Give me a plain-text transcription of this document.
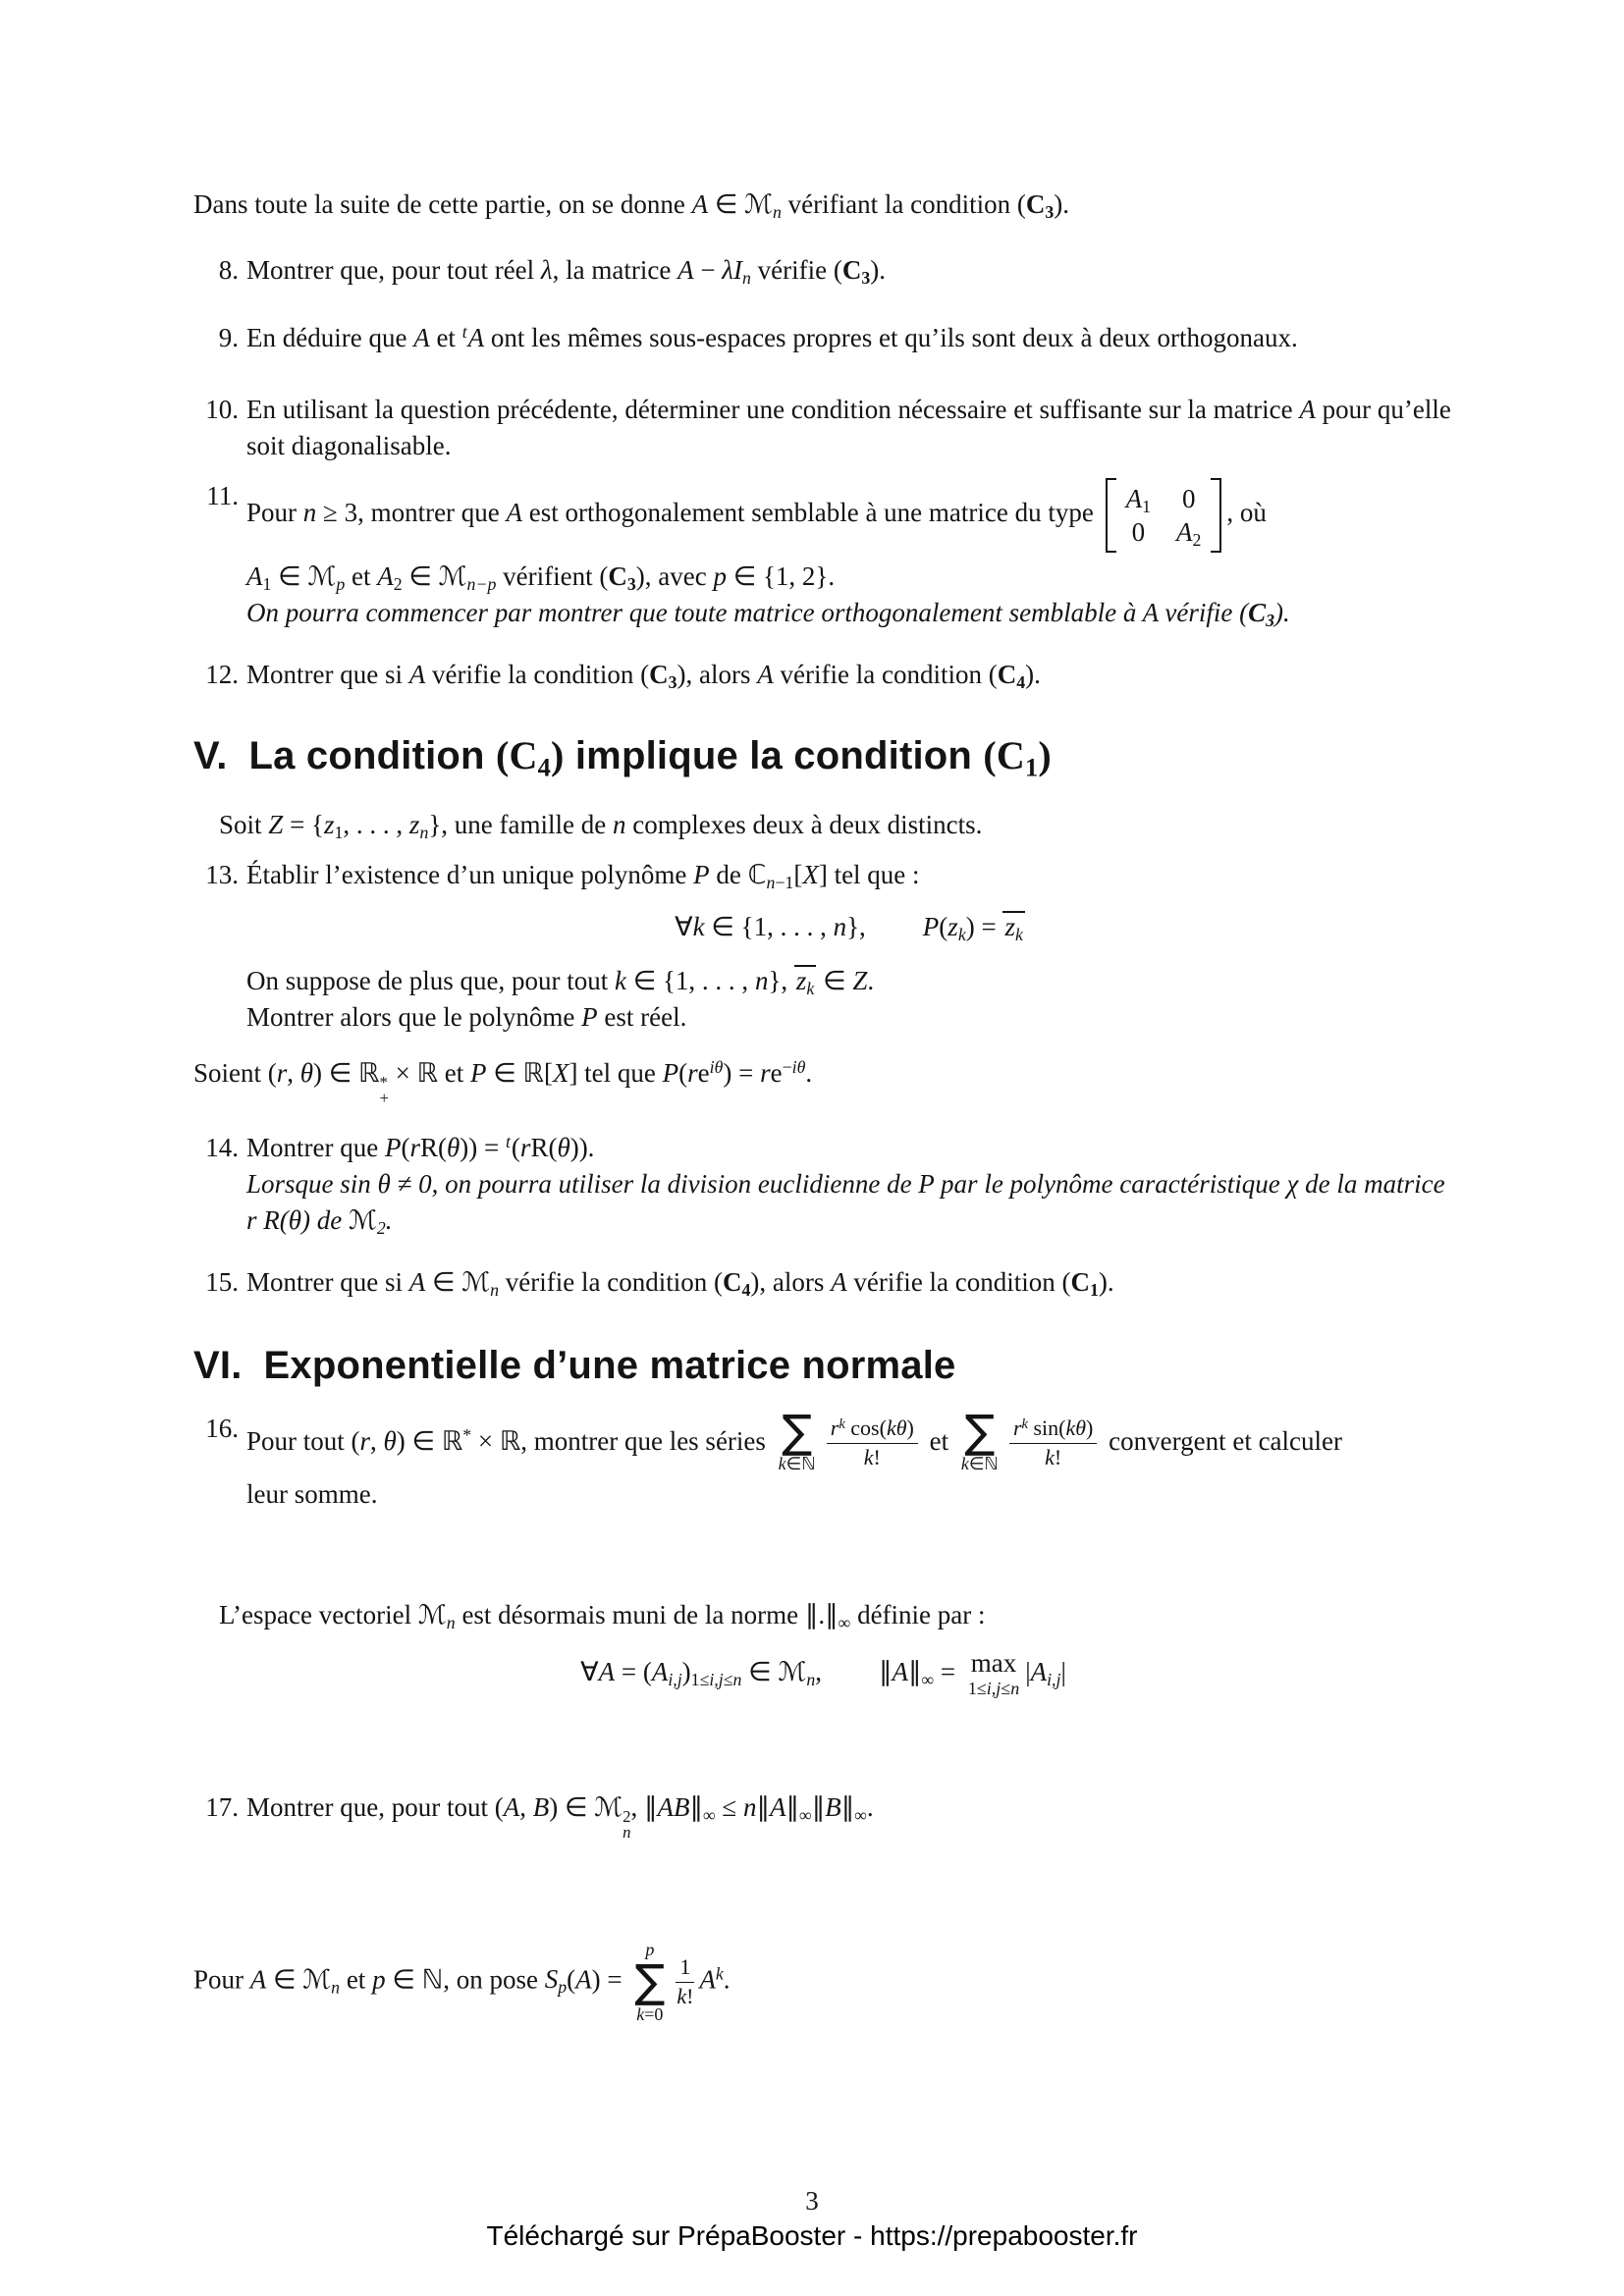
Dans toute la suite de cette partie, on se donne A ∈ ℳ$_n$ vérifiant la condition $(C_3)$.

8. Montrer que, pour tout réel λ, la matrice $A - \lambda I_n$ vérifie $(C_3)$.
9. En déduire que A et $^t$A ont les mêmes sous-espaces propres et qu’ils sont deux à deux orthogonaux.
10. En utilisant la question précédente, déterminer une condition nécessaire et suffisante sur la matrice A pour qu’elle soit diagonalisable.
11.
Pour n ≥ 3, montrer que A est orthogonalement semblable à une matrice du type $A_1$ 0
0 $A_2$
, où
$A_1$ ∈ ℳ$_p$ et $A_2$ ∈ ℳ$_{n-p}$ vérifient $(C_3)$, avec p ∈ {1, 2}.
On pourra commencer par montrer que toute matrice orthogonalement semblable à A vérifie $(C_3)$.
12. Montrer que si A vérifie la condition $(C_3)$, alors A vérifie la condition $(C_4)$.
V. La condition $(C_4)$ implique la condition $(C_1)$

Soit $Z = \{z_1$, . . . , $z_n$}, une famille de n complexes deux à deux distincts.

13. Établir l’existence d’un unique polynôme P de ℂ$_{n-1}$[X] tel que :
∀k ∈ {1, . . . , n}, $P(z_k) = z_k$
On suppose de plus que, pour tout k ∈ {1, . . . , n}, $z_k$ ∈ Z.
Montrer alors que le polynôme P est réel.

Soient (r, θ) ∈ ℝ *
+
× ℝ et P ∈ ℝ[X] tel que $P(re^{i\theta}) = re^{-i\theta}$.

14. Montrer que P(rR(θ)) = $^t$(rR(θ)).
Lorsque sin θ ≠ 0, on pourra utiliser la division euclidienne de P par le polynôme caractéristique χ de la matrice r R(θ) de ℳ$_2$.
15. Montrer que si A ∈ ℳ$_n$ vérifie la condition $(C_4)$, alors A vérifie la condition $(C_1)$.
VI. Exponentielle d’une matrice normale
16. Pour tout (r, θ) ∈ ℝ* × ℝ, montrer que les séries ∑
k∈ℕ $\frac{r^k \cos(k\theta)}{k!}$ et ∑
k∈ℕ $\frac{r^k \sin(k\theta)}{k!}$ convergent et calculer
leur somme.

L’espace vectoriel ℳ$_n$ est désormais muni de la norme $\parallel.\parallel_\infty$ définie par :

∀A = $(A_{i,j})_{1\le i,j\le n}$ ∈ ℳ$_n$, $\parallel A\parallel_\infty = \max$
1≤i,j≤n
$|A_{i,j}|$
17. Montrer que, pour tout (A, B) ∈ ℳ 2
n
, $\parallel AB\parallel_\infty$ ≤ $n\parallel A\parallel_\infty\parallel B\parallel_\infty$.

Pour A ∈ ℳ$_n$ et p ∈ ℕ, on pose $S_p(A)$ =
p
∑
k=0
$\frac{1}{k!} A^k$.

3
Téléchargé sur PrépaBooster - https://prepabooster.fr
